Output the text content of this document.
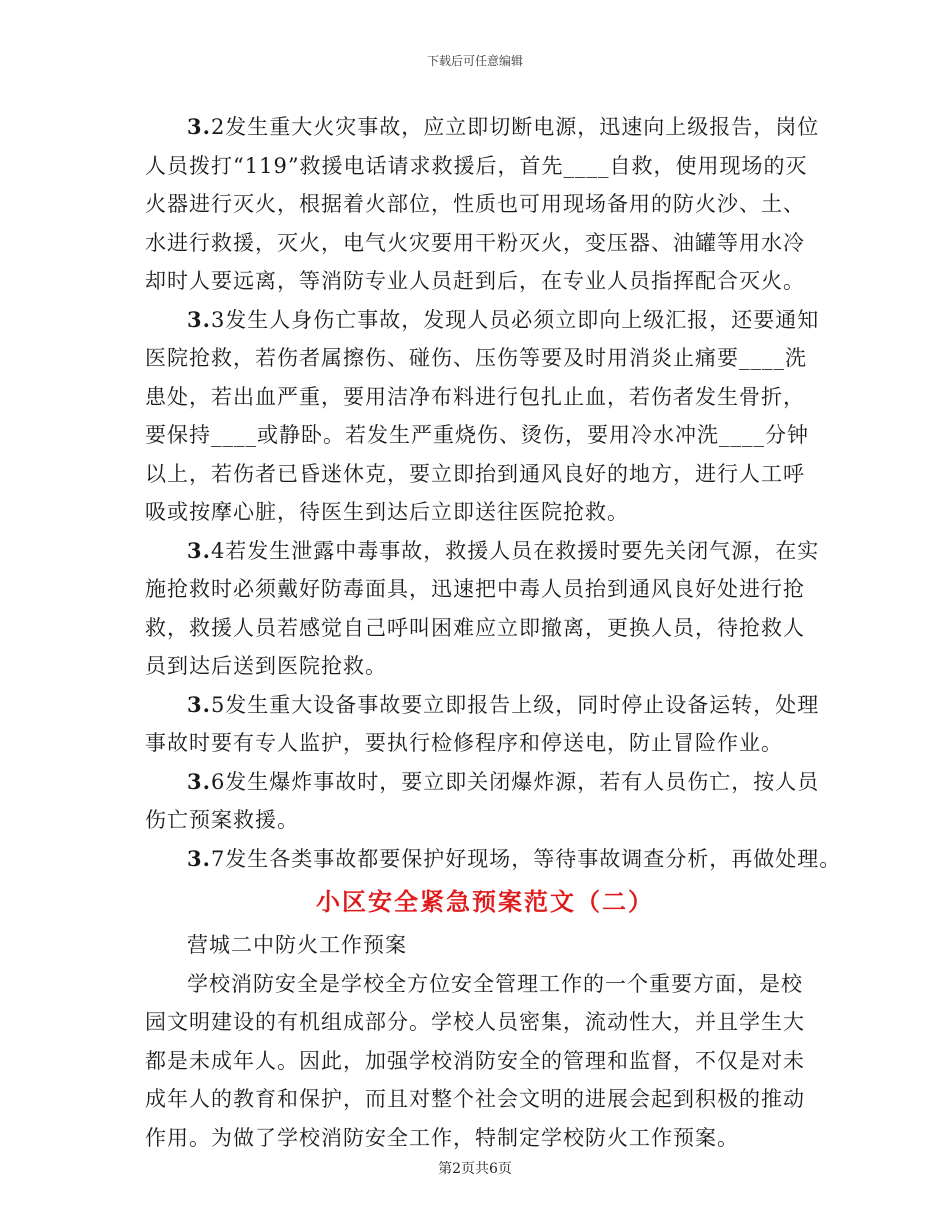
下载后可任意编辑
3.2发生重大火灾事故，应立即切断电源，迅速向上级报告，岗位
人员拨打“119”救援电话请求救援后，首先____自救，使用现场的灭
火器进行灭火，根据着火部位，性质也可用现场备用的防火沙、土、
水进行救援，灭火，电气火灾要用干粉灭火，变压器、油罐等用水冷
却时人要远离，等消防专业人员赶到后，在专业人员指挥配合灭火。
3.3发生人身伤亡事故，发现人员必须立即向上级汇报，还要通知
医院抢救，若伤者属擦伤、碰伤、压伤等要及时用消炎止痛要____洗
患处，若出血严重，要用洁净布料进行包扎止血，若伤者发生骨折，
要保持____或静卧。若发生严重烧伤、烫伤，要用冷水冲洗____分钟
以上，若伤者已昏迷休克，要立即抬到通风良好的地方，进行人工呼
吸或按摩心脏，待医生到达后立即送往医院抢救。
3.4若发生泄露中毒事故，救援人员在救援时要先关闭气源，在实
施抢救时必须戴好防毒面具，迅速把中毒人员抬到通风良好处进行抢
救，救援人员若感觉自己呼叫困难应立即撤离，更换人员，待抢救人
员到达后送到医院抢救。
3.5发生重大设备事故要立即报告上级，同时停止设备运转，处理
事故时要有专人监护，要执行检修程序和停送电，防止冒险作业。
3.6发生爆炸事故时，要立即关闭爆炸源，若有人员伤亡，按人员
伤亡预案救援。
3.7发生各类事故都要保护好现场，等待事故调查分析，再做处理。
小区安全紧急预案范文（二）
营城二中防火工作预案
学校消防安全是学校全方位安全管理工作的一个重要方面，是校
园文明建设的有机组成部分。学校人员密集，流动性大，并且学生大
都是未成年人。因此，加强学校消防安全的管理和监督，不仅是对未
成年人的教育和保护，而且对整个社会文明的进展会起到积极的推动
作用。为做了学校消防安全工作，特制定学校防火工作预案。
第2页共6页
